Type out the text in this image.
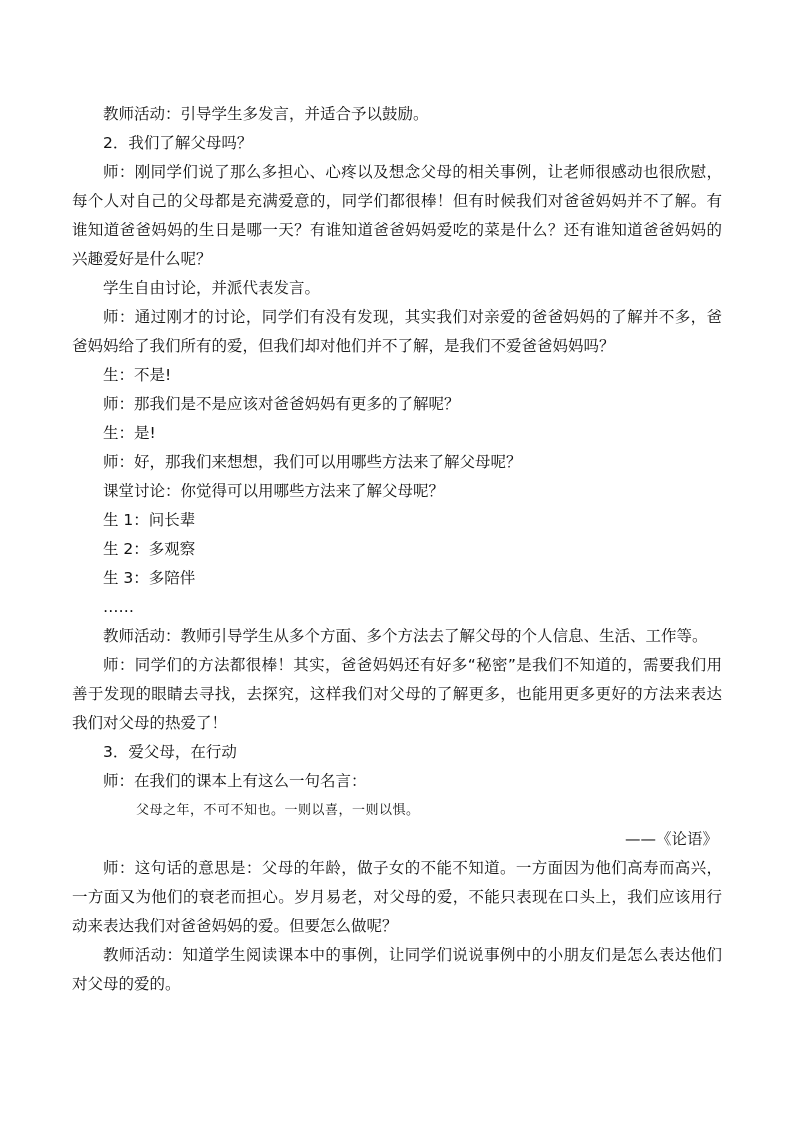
教师活动：引导学生多发言，并适合予以鼓励。

2．我们了解父母吗？

师：刚同学们说了那么多担心、心疼以及想念父母的相关事例，让老师很感动也很欣慰，每个人对自己的父母都是充满爱意的，同学们都很棒！但有时候我们对爸爸妈妈并不了解。有谁知道爸爸妈妈的生日是哪一天？有谁知道爸爸妈妈爱吃的菜是什么？还有谁知道爸爸妈妈的兴趣爱好是什么呢？

学生自由讨论，并派代表发言。

师：通过刚才的讨论，同学们有没有发现，其实我们对亲爱的爸爸妈妈的了解并不多，爸爸妈妈给了我们所有的爱，但我们却对他们并不了解，是我们不爱爸爸妈妈吗？

生：不是!

师：那我们是不是应该对爸爸妈妈有更多的了解呢？

生：是!

师：好，那我们来想想，我们可以用哪些方法来了解父母呢？

课堂讨论：你觉得可以用哪些方法来了解父母呢？

生 1：问长辈

生 2：多观察

生 3：多陪伴

……

教师活动：教师引导学生从多个方面、多个方法去了解父母的个人信息、生活、工作等。

师：同学们的方法都很棒！其实，爸爸妈妈还有好多“秘密”是我们不知道的，需要我们用善于发现的眼睛去寻找，去探究，这样我们对父母的了解更多，也能用更多更好的方法来表达我们对父母的热爱了！

3．爱父母，在行动

师：在我们的课本上有这么一句名言：

父母之年，不可不知也。一则以喜，一则以惧。

——《论语》

师：这句话的意思是：父母的年龄，做子女的不能不知道。一方面因为他们高寿而高兴，一方面又为他们的衰老而担心。岁月易老，对父母的爱，不能只表现在口头上，我们应该用行动来表达我们对爸爸妈妈的爱。但要怎么做呢？

教师活动：知道学生阅读课本中的事例，让同学们说说事例中的小朋友们是怎么表达他们对父母的爱的。
